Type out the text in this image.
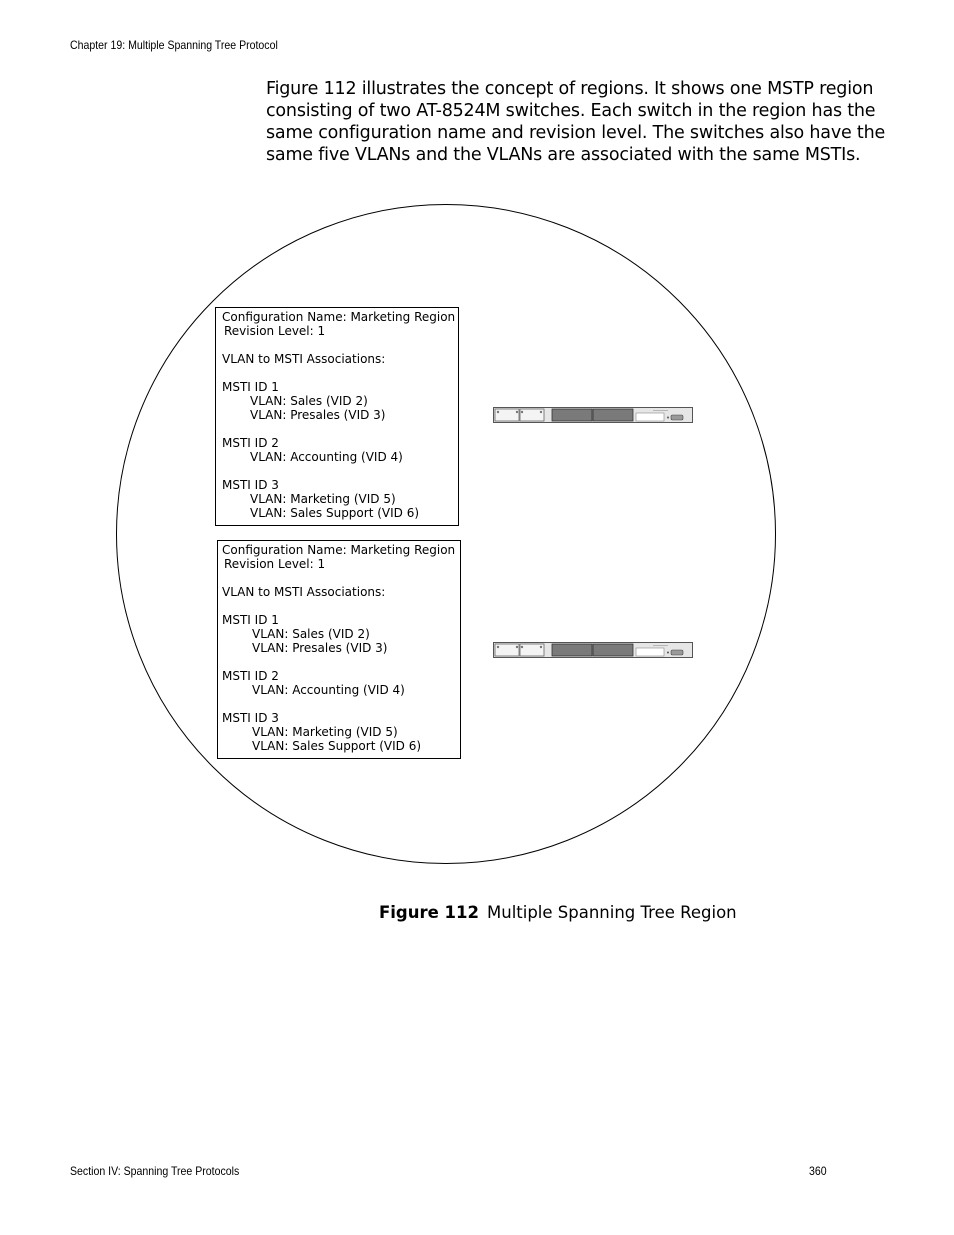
Chapter 19: Multiple Spanning Tree Protocol
Figure 112 illustrates the concept of regions. It shows one MSTP region
consisting of two AT-8524M switches. Each switch in the region has the
same configuration name and revision level. The switches also have the
same five VLANs and the VLANs are associated with the same MSTIs.
Configuration Name: Marketing Region
Revision Level: 1
VLAN to MSTI Associations:
MSTI ID 1
VLAN: Sales (VID 2)
VLAN: Presales (VID 3)
MSTI ID 2
VLAN: Accounting (VID 4)
MSTI ID 3
VLAN: Marketing (VID 5)
VLAN: Sales Support (VID 6)
Configuration Name: Marketing Region
Revision Level: 1
VLAN to MSTI Associations:
MSTI ID 1
VLAN: Sales (VID 2)
VLAN: Presales (VID 3)
MSTI ID 2
VLAN: Accounting (VID 4)
MSTI ID 3
VLAN: Marketing (VID 5)
VLAN: Sales Support (VID 6)
Figure 112 Multiple Spanning Tree Region
Section IV: Spanning Tree Protocols	360
